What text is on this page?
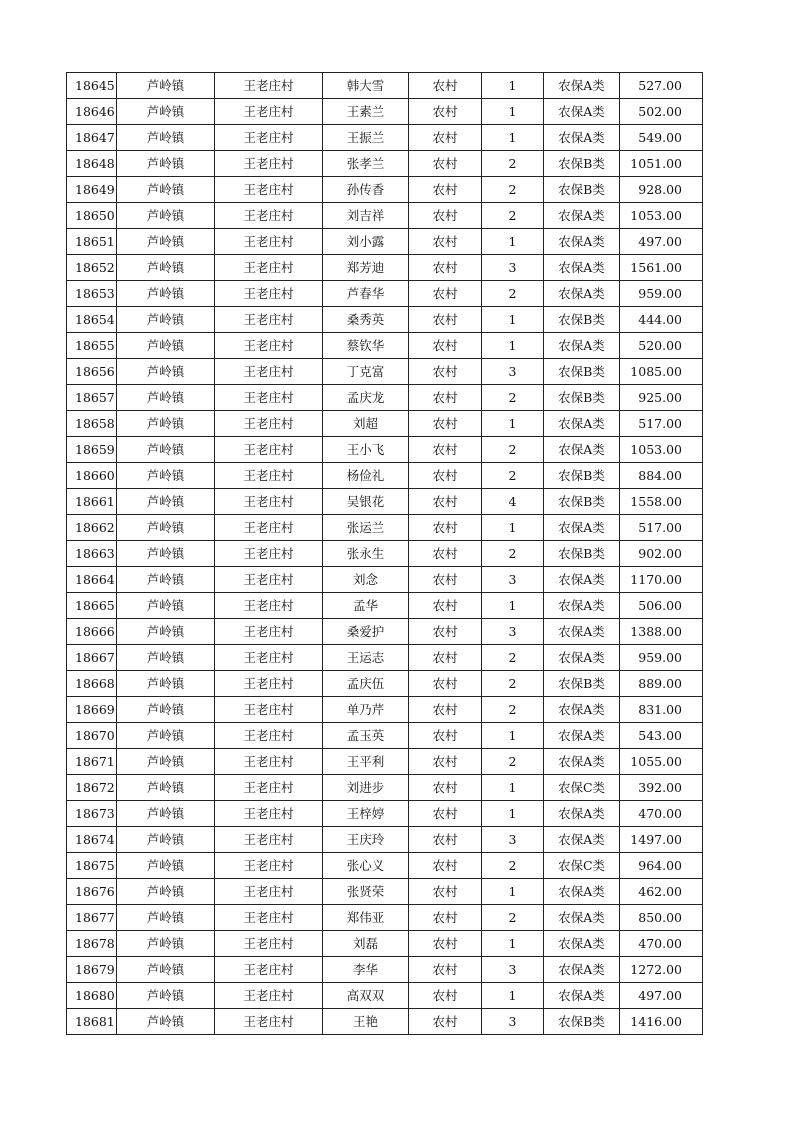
18645	芦岭镇	王老庄村	韩大雪	农村	1	农保A类	527.00
18646	芦岭镇	王老庄村	王素兰	农村	1	农保A类	502.00
18647	芦岭镇	王老庄村	王振兰	农村	1	农保A类	549.00
18648	芦岭镇	王老庄村	张孝兰	农村	2	农保B类	1051.00
18649	芦岭镇	王老庄村	孙传香	农村	2	农保B类	928.00
18650	芦岭镇	王老庄村	刘吉祥	农村	2	农保A类	1053.00
18651	芦岭镇	王老庄村	刘小露	农村	1	农保A类	497.00
18652	芦岭镇	王老庄村	郑芳迪	农村	3	农保A类	1561.00
18653	芦岭镇	王老庄村	芦春华	农村	2	农保A类	959.00
18654	芦岭镇	王老庄村	桑秀英	农村	1	农保B类	444.00
18655	芦岭镇	王老庄村	蔡钦华	农村	1	农保A类	520.00
18656	芦岭镇	王老庄村	丁克富	农村	3	农保B类	1085.00
18657	芦岭镇	王老庄村	孟庆龙	农村	2	农保B类	925.00
18658	芦岭镇	王老庄村	刘超	农村	1	农保A类	517.00
18659	芦岭镇	王老庄村	王小飞	农村	2	农保A类	1053.00
18660	芦岭镇	王老庄村	杨俭礼	农村	2	农保B类	884.00
18661	芦岭镇	王老庄村	吴银花	农村	4	农保B类	1558.00
18662	芦岭镇	王老庄村	张运兰	农村	1	农保A类	517.00
18663	芦岭镇	王老庄村	张永生	农村	2	农保B类	902.00
18664	芦岭镇	王老庄村	刘念	农村	3	农保A类	1170.00
18665	芦岭镇	王老庄村	孟华	农村	1	农保A类	506.00
18666	芦岭镇	王老庄村	桑爱护	农村	3	农保A类	1388.00
18667	芦岭镇	王老庄村	王运志	农村	2	农保A类	959.00
18668	芦岭镇	王老庄村	孟庆伍	农村	2	农保B类	889.00
18669	芦岭镇	王老庄村	单乃芹	农村	2	农保A类	831.00
18670	芦岭镇	王老庄村	孟玉英	农村	1	农保A类	543.00
18671	芦岭镇	王老庄村	王平利	农村	2	农保A类	1055.00
18672	芦岭镇	王老庄村	刘进步	农村	1	农保C类	392.00
18673	芦岭镇	王老庄村	王梓婷	农村	1	农保A类	470.00
18674	芦岭镇	王老庄村	王庆玲	农村	3	农保A类	1497.00
18675	芦岭镇	王老庄村	张心义	农村	2	农保C类	964.00
18676	芦岭镇	王老庄村	张贤荣	农村	1	农保A类	462.00
18677	芦岭镇	王老庄村	郑伟亚	农村	2	农保A类	850.00
18678	芦岭镇	王老庄村	刘磊	农村	1	农保A类	470.00
18679	芦岭镇	王老庄村	李华	农村	3	农保A类	1272.00
18680	芦岭镇	王老庄村	高双双	农村	1	农保A类	497.00
18681	芦岭镇	王老庄村	王艳	农村	3	农保B类	1416.00
